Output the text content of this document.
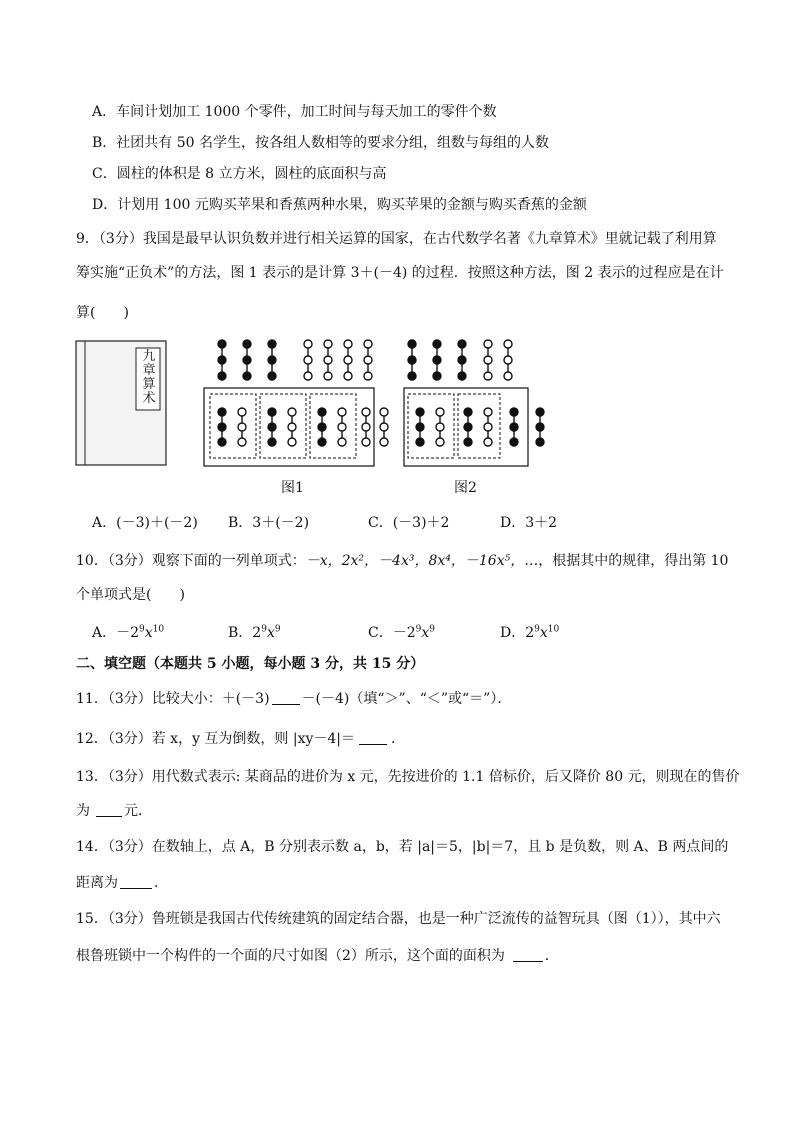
A．车间计划加工 1000 个零件，加工时间与每天加工的零件个数
B．社团共有 50 名学生，按各组人数相等的要求分组，组数与每组的人数
C．圆柱的体积是 8 立方米，圆柱的底面积与高
D．计划用 100 元购买苹果和香蕉两种水果，购买苹果的金额与购买香蕉的金额
9．（3分）我国是最早认识负数并进行相关运算的国家，在古代数学名著《九章算术》里就记载了利用算
筹实施“正负术”的方法，图 1 表示的是计算 3＋(－4) 的过程．按照这种方法，图 2 表示的过程应是在计
算(　　)
九章算术
图1	图2
A．(－3)＋(－2) B．3＋(－2)	C．(－3)＋2	D．3＋2
10．（3分）观察下面的一列单项式：－x，2x²，－4x³，8x⁴，－16x⁵，…，根据其中的规律，得出第 10
个单项式是(　　)
A．$-2^9x^{10}$	B．$2^9x^9$	C．$-2^9x^9$	D．$2^9x^{10}$
二、填空题（本题共 5 小题，每小题 3 分，共 15 分）
11．（3分）比较大小：＋(－3) －(－4)（填“＞”、“＜”或“＝”）．
12．（3分）若 x，y 互为倒数，则 |xy－4|＝	．
13．（3分）用代数式表示: 某商品的进价为 x 元，先按进价的 1.1 倍标价，后又降价 80 元，则现在的售价
为 元．
14．（3分）在数轴上，点 A，B 分别表示数 a，b，若 |a|＝5，|b|＝7，且 b 是负数，则 A、B 两点间的
距离为	．
15．（3分）鲁班锁是我国古代传统建筑的固定结合器，也是一种广泛流传的益智玩具（图（1）），其中六
根鲁班锁中一个构件的一个面的尺寸如图（2）所示，这个面的面积为	．
